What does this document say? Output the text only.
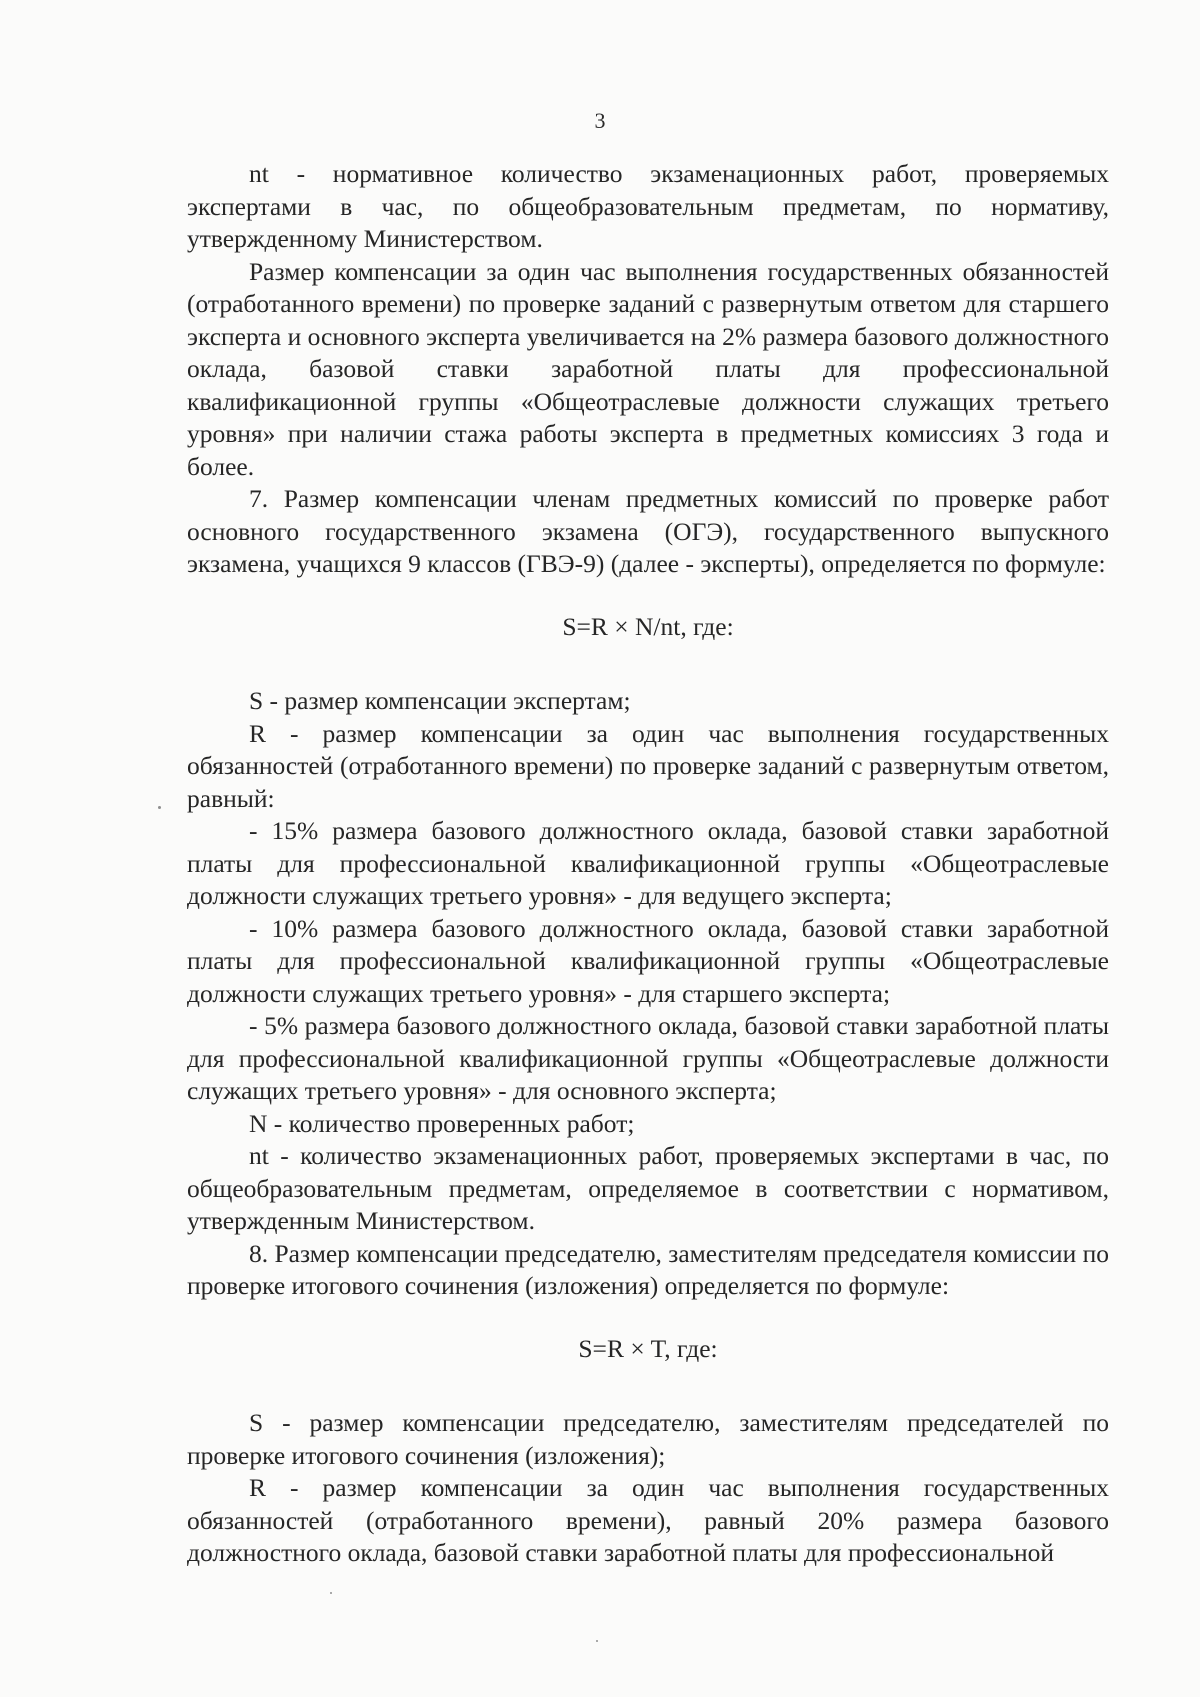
3

nt - нормативное количество экзаменационных работ, проверяемых экспертами в час, по общеобразовательным предметам, по нормативу, утвержденному Министерством.

Размер компенсации за один час выполнения государственных обязанностей (отработанного времени) по проверке заданий с развернутым ответом для старшего эксперта и основного эксперта увеличивается на 2% размера базового должностного оклада, базовой ставки заработной платы для профессиональной квалификационной группы «Общеотраслевые должности служащих третьего уровня» при наличии стажа работы эксперта в предметных комиссиях 3 года и более.

7. Размер компенсации членам предметных комиссий по проверке работ основного государственного экзамена (ОГЭ), государственного выпускного экзамена, учащихся 9 классов (ГВЭ-9) (далее - эксперты), определяется по формуле:

S=R × N/nt, где:

S - размер компенсации экспертам;

R - размер компенсации за один час выполнения государственных обязанностей (отработанного времени) по проверке заданий с развернутым ответом, равный:

- 15% размера базового должностного оклада, базовой ставки заработной платы для профессиональной квалификационной группы «Общеотраслевые должности служащих третьего уровня» - для ведущего эксперта;

- 10% размера базового должностного оклада, базовой ставки заработной платы для профессиональной квалификационной группы «Общеотраслевые должности служащих третьего уровня» - для старшего эксперта;

- 5% размера базового должностного оклада, базовой ставки заработной платы для профессиональной квалификационной группы «Общеотраслевые должности служащих третьего уровня» - для основного эксперта;

N - количество проверенных работ;

nt - количество экзаменационных работ, проверяемых экспертами в час, по общеобразовательным предметам, определяемое в соответствии с нормативом, утвержденным Министерством.

8. Размер компенсации председателю, заместителям председателя комиссии по проверке итогового сочинения (изложения) определяется по формуле:

S=R × T, где:

S - размер компенсации председателю, заместителям председателей по проверке итогового сочинения (изложения);

R - размер компенсации за один час выполнения государственных обязанностей (отработанного времени), равный 20% размера базового должностного оклада, базовой ставки заработной платы для профессиональной
